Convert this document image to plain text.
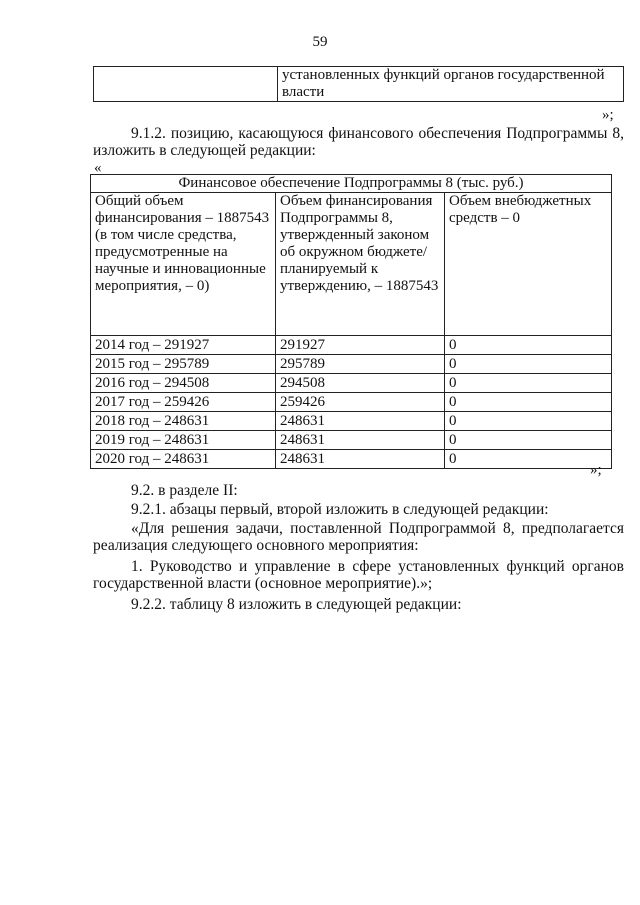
59
	установленных функций органов государственной власти
»;

9.1.2. позицию, касающуюся финансового обеспечения Подпрограммы 8, изложить в следующей редакции:

«
Финансовое обеспечение Подпрограммы 8 (тыс. руб.)		
Общий объем финансирования – 1887543 (в том числе средства, предусмотренные на научные и инновационные мероприятия, – 0)	Объем финансирования Подпрограммы 8, утвержденный законом об окружном бюджете/ планируемый к утверждению, – 1887543	Объем внебюджетных средств – 0
2014 год – 291927	291927	0
2015 год – 295789	295789	0
2016 год – 294508	294508	0
2017 год – 259426	259426	0
2018 год – 248631	248631	0
2019 год – 248631	248631	0
2020 год – 248631	248631	0
»;

9.2. в разделе II:

9.2.1. абзацы первый, второй изложить в следующей редакции:

«Для решения задачи, поставленной Подпрограммой 8, предполагается реализация следующего основного мероприятия:

1. Руководство и управление в сфере установленных функций органов государственной власти (основное мероприятие).»;

9.2.2. таблицу 8 изложить в следующей редакции:
